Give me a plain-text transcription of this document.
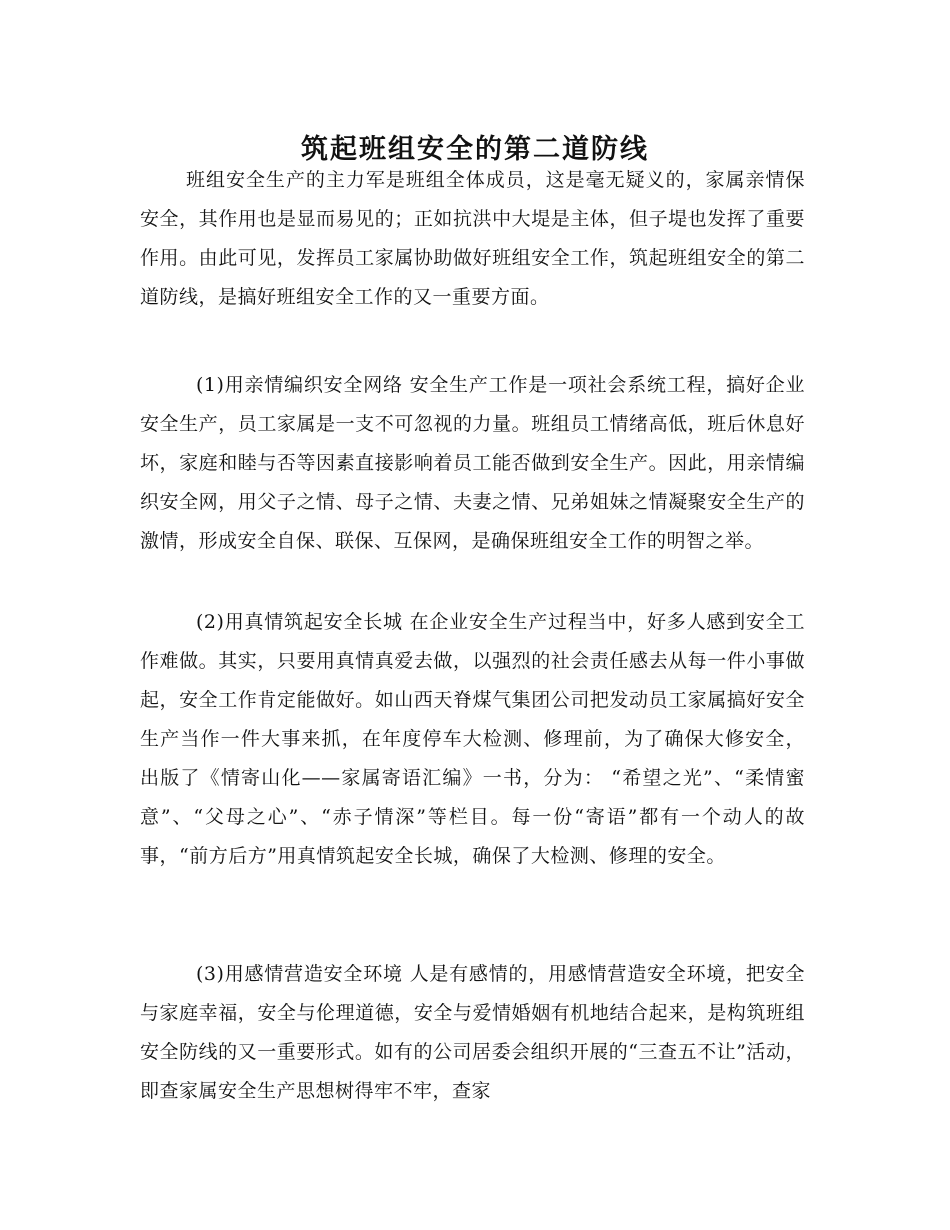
筑起班组安全的第二道防线

班组安全生产的主力军是班组全体成员，这是毫无疑义的，家属亲情保安全，其作用也是显而易见的；正如抗洪中大堤是主体，但子堤也发挥了重要作用。由此可见，发挥员工家属协助做好班组安全工作，筑起班组安全的第二道防线，是搞好班组安全工作的又一重要方面。

(1)用亲情编织安全网络 安全生产工作是一项社会系统工程，搞好企业安全生产，员工家属是一支不可忽视的力量。班组员工情绪高低，班后休息好坏，家庭和睦与否等因素直接影响着员工能否做到安全生产。因此，用亲情编织安全网，用父子之情、母子之情、夫妻之情、兄弟姐妹之情凝聚安全生产的激情，形成安全自保、联保、互保网，是确保班组安全工作的明智之举。

(2)用真情筑起安全长城 在企业安全生产过程当中，好多人感到安全工作难做。其实，只要用真情真爱去做，以强烈的社会责任感去从每一件小事做起，安全工作肯定能做好。如山西天脊煤气集团公司把发动员工家属搞好安全生产当作一件大事来抓，在年度停车大检测、修理前，为了确保大修安全， 出版了《情寄山化——家属寄语汇编》一书，分为： “希望之光”、“柔情蜜意”、“父母之心”、“赤子情深”等栏目。每一份“寄语”都有一个动人的故事，“前方后方”用真情筑起安全长城，确保了大检测、修理的安全。

(3)用感情营造安全环境 人是有感情的，用感情营造安全环境，把安全与家庭幸福，安全与伦理道德，安全与爱情婚姻有机地结合起来，是构筑班组安全防线的又一重要形式。如有的公司居委会组织开展的“三查五不让”活动，即查家属安全生产思想树得牢不牢，查家
